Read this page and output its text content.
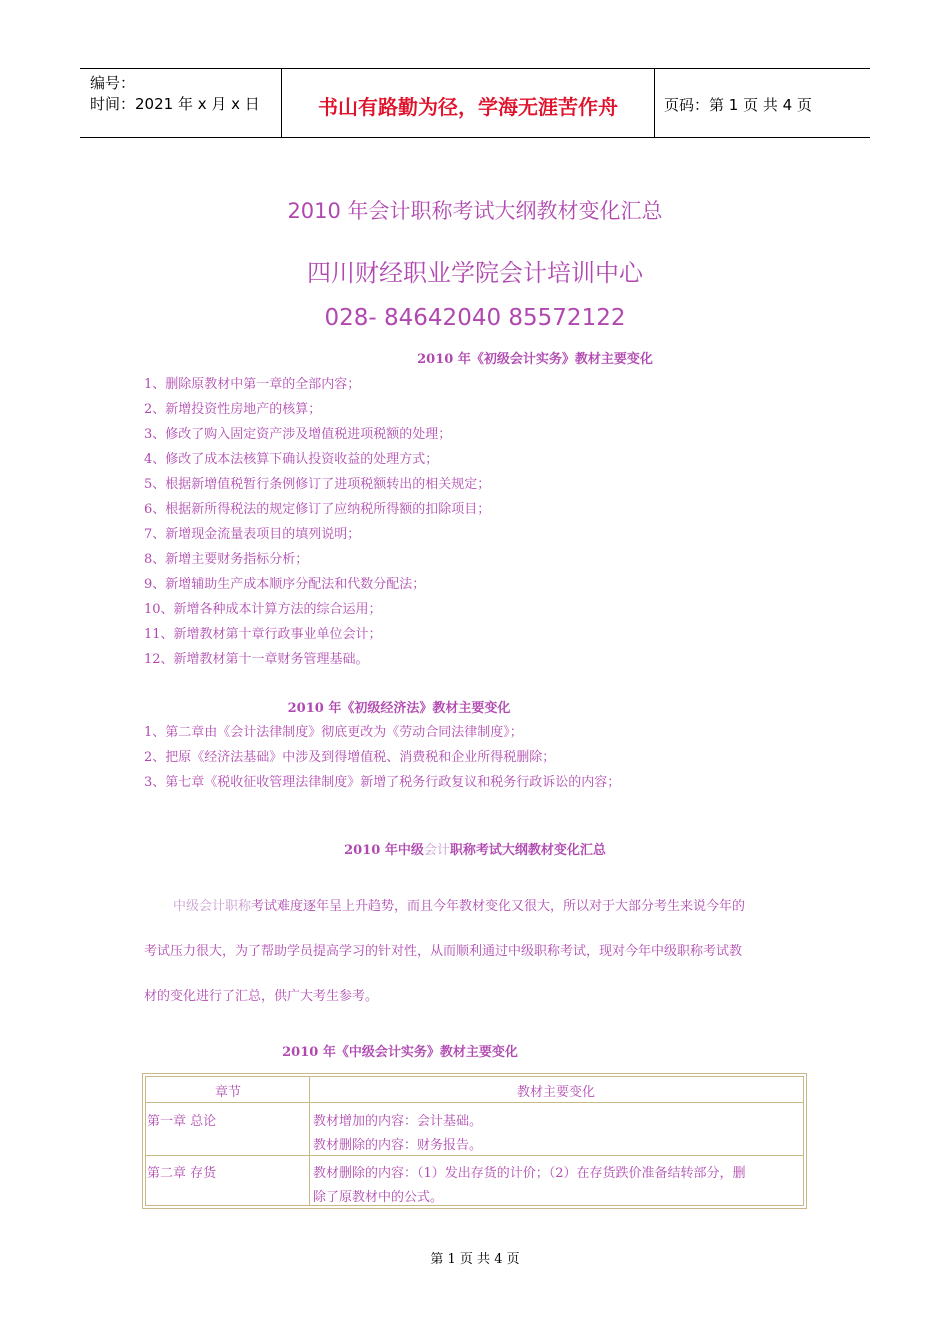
编号：
时间：2021 年 x 月 x 日	书山有路勤为径，学海无涯苦作舟	页码：第 1 页 共 4 页
2010 年会计职称考试大纲教材变化汇总
四川财经职业学院会计培训中心
028- 84642040 85572122
2010 年《初级会计实务》教材主要变化
1、删除原教材中第一章的全部内容；
2、新增投资性房地产的核算；
3、修改了购入固定资产涉及增值税进项税额的处理；
4、修改了成本法核算下确认投资收益的处理方式；
5、根据新增值税暂行条例修订了进项税额转出的相关规定；
6、根据新所得税法的规定修订了应纳税所得额的扣除项目；
7、新增现金流量表项目的填列说明；
8、新增主要财务指标分析；
9、新增辅助生产成本顺序分配法和代数分配法；
10、新增各种成本计算方法的综合运用；
11、新增教材第十章行政事业单位会计；
12、新增教材第十一章财务管理基础。
2010 年《初级经济法》教材主要变化
1、第二章由《会计法律制度》彻底更改为《劳动合同法律制度》；
2、把原《经济法基础》中涉及到得增值税、消费税和企业所得税删除；
3、第七章《税收征收管理法律制度》新增了税务行政复议和税务行政诉讼的内容；
2010 年中级会计职称考试大纲教材变化汇总
中级会计职称考试难度逐年呈上升趋势，而且今年教材变化又很大，所以对于大部分考生来说今年的
考试压力很大，为了帮助学员提高学习的针对性，从而顺利通过中级职称考试，现对今年中级职称考试教
材的变化进行了汇总，供广大考生参考。
2010 年《中级会计实务》教材主要变化
章节	教材主要变化
第一章 总论	教材增加的内容：会计基础。
教材删除的内容：财务报告。
第二章 存货	教材删除的内容：（1）发出存货的计价；（2）在存货跌价准备结转部分，删
除了原教材中的公式。
第 1 页 共 4 页
